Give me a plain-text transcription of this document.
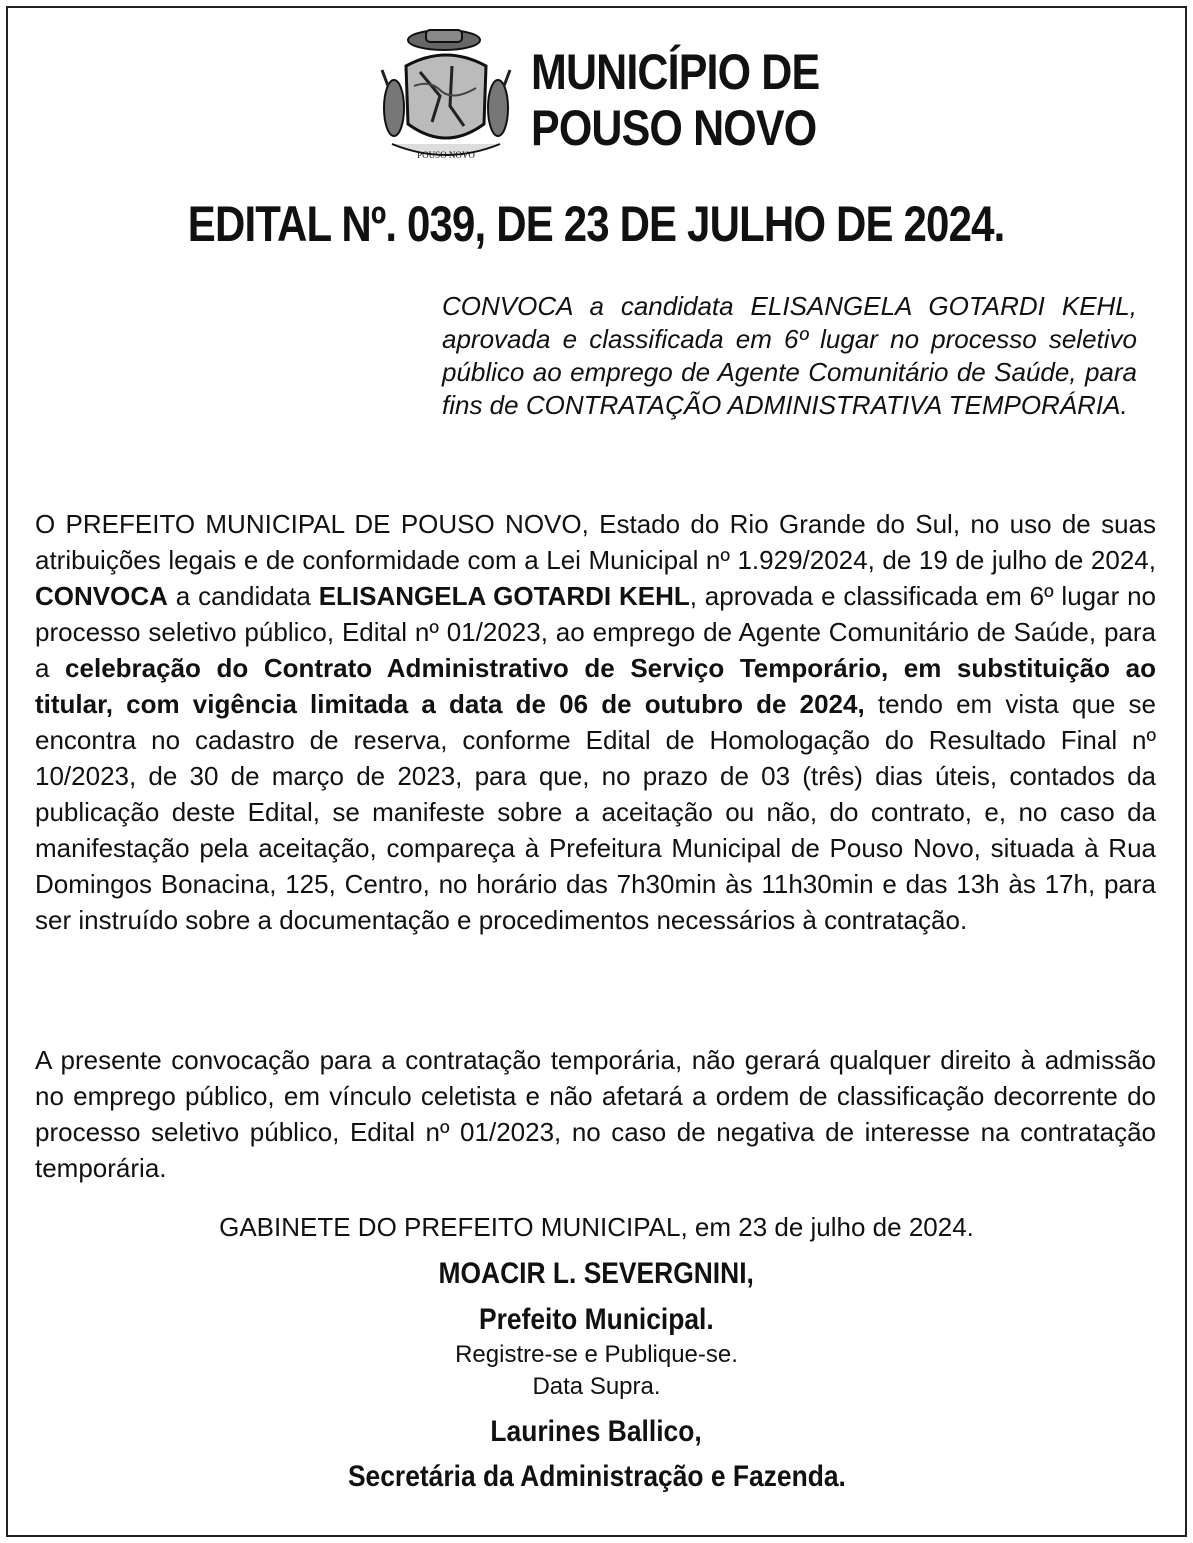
POUSO NOVO
MUNICÍPIO DE
POUSO NOVO
EDITAL Nº. 039, DE 23 DE JULHO DE 2024.
CONVOCA a candidata ELISANGELA GOTARDI KEHL, aprovada e classificada em 6º lugar no processo seletivo público ao emprego de Agente Comunitário de Saúde, para fins de CONTRATAÇÃO ADMINISTRATIVA TEMPORÁRIA.
O PREFEITO MUNICIPAL DE POUSO NOVO, Estado do Rio Grande do Sul, no uso de suas atribuições legais e de conformidade com a Lei Municipal nº 1.929/2024, de 19 de julho de 2024, CONVOCA a candidata ELISANGELA GOTARDI KEHL, aprovada e classificada em 6º lugar no processo seletivo público, Edital nº 01/2023, ao emprego de Agente Comunitário de Saúde, para a celebração do Contrato Administrativo de Serviço Temporário, em substituição ao titular, com vigência limitada a data de 06 de outubro de 2024, tendo em vista que se encontra no cadastro de reserva, conforme Edital de Homologação do Resultado Final nº 10/2023, de 30 de março de 2023, para que, no prazo de 03 (três) dias úteis, contados da publicação deste Edital, se manifeste sobre a aceitação ou não, do contrato, e, no caso da manifestação pela aceitação, compareça à Prefeitura Municipal de Pouso Novo, situada à Rua Domingos Bonacina, 125, Centro, no horário das 7h30min às 11h30min e das 13h às 17h, para ser instruído sobre a documentação e procedimentos necessários à contratação.
A presente convocação para a contratação temporária, não gerará qualquer direito à admissão no emprego público, em vínculo celetista e não afetará a ordem de classificação decorrente do processo seletivo público, Edital nº 01/2023, no caso de negativa de interesse na contratação temporária.
GABINETE DO PREFEITO MUNICIPAL, em 23 de julho de 2024.
MOACIR L. SEVERGNINI,
Prefeito Municipal.
Registre-se e Publique-se.
Data Supra.
Laurines Ballico,
Secretária da Administração e Fazenda.
